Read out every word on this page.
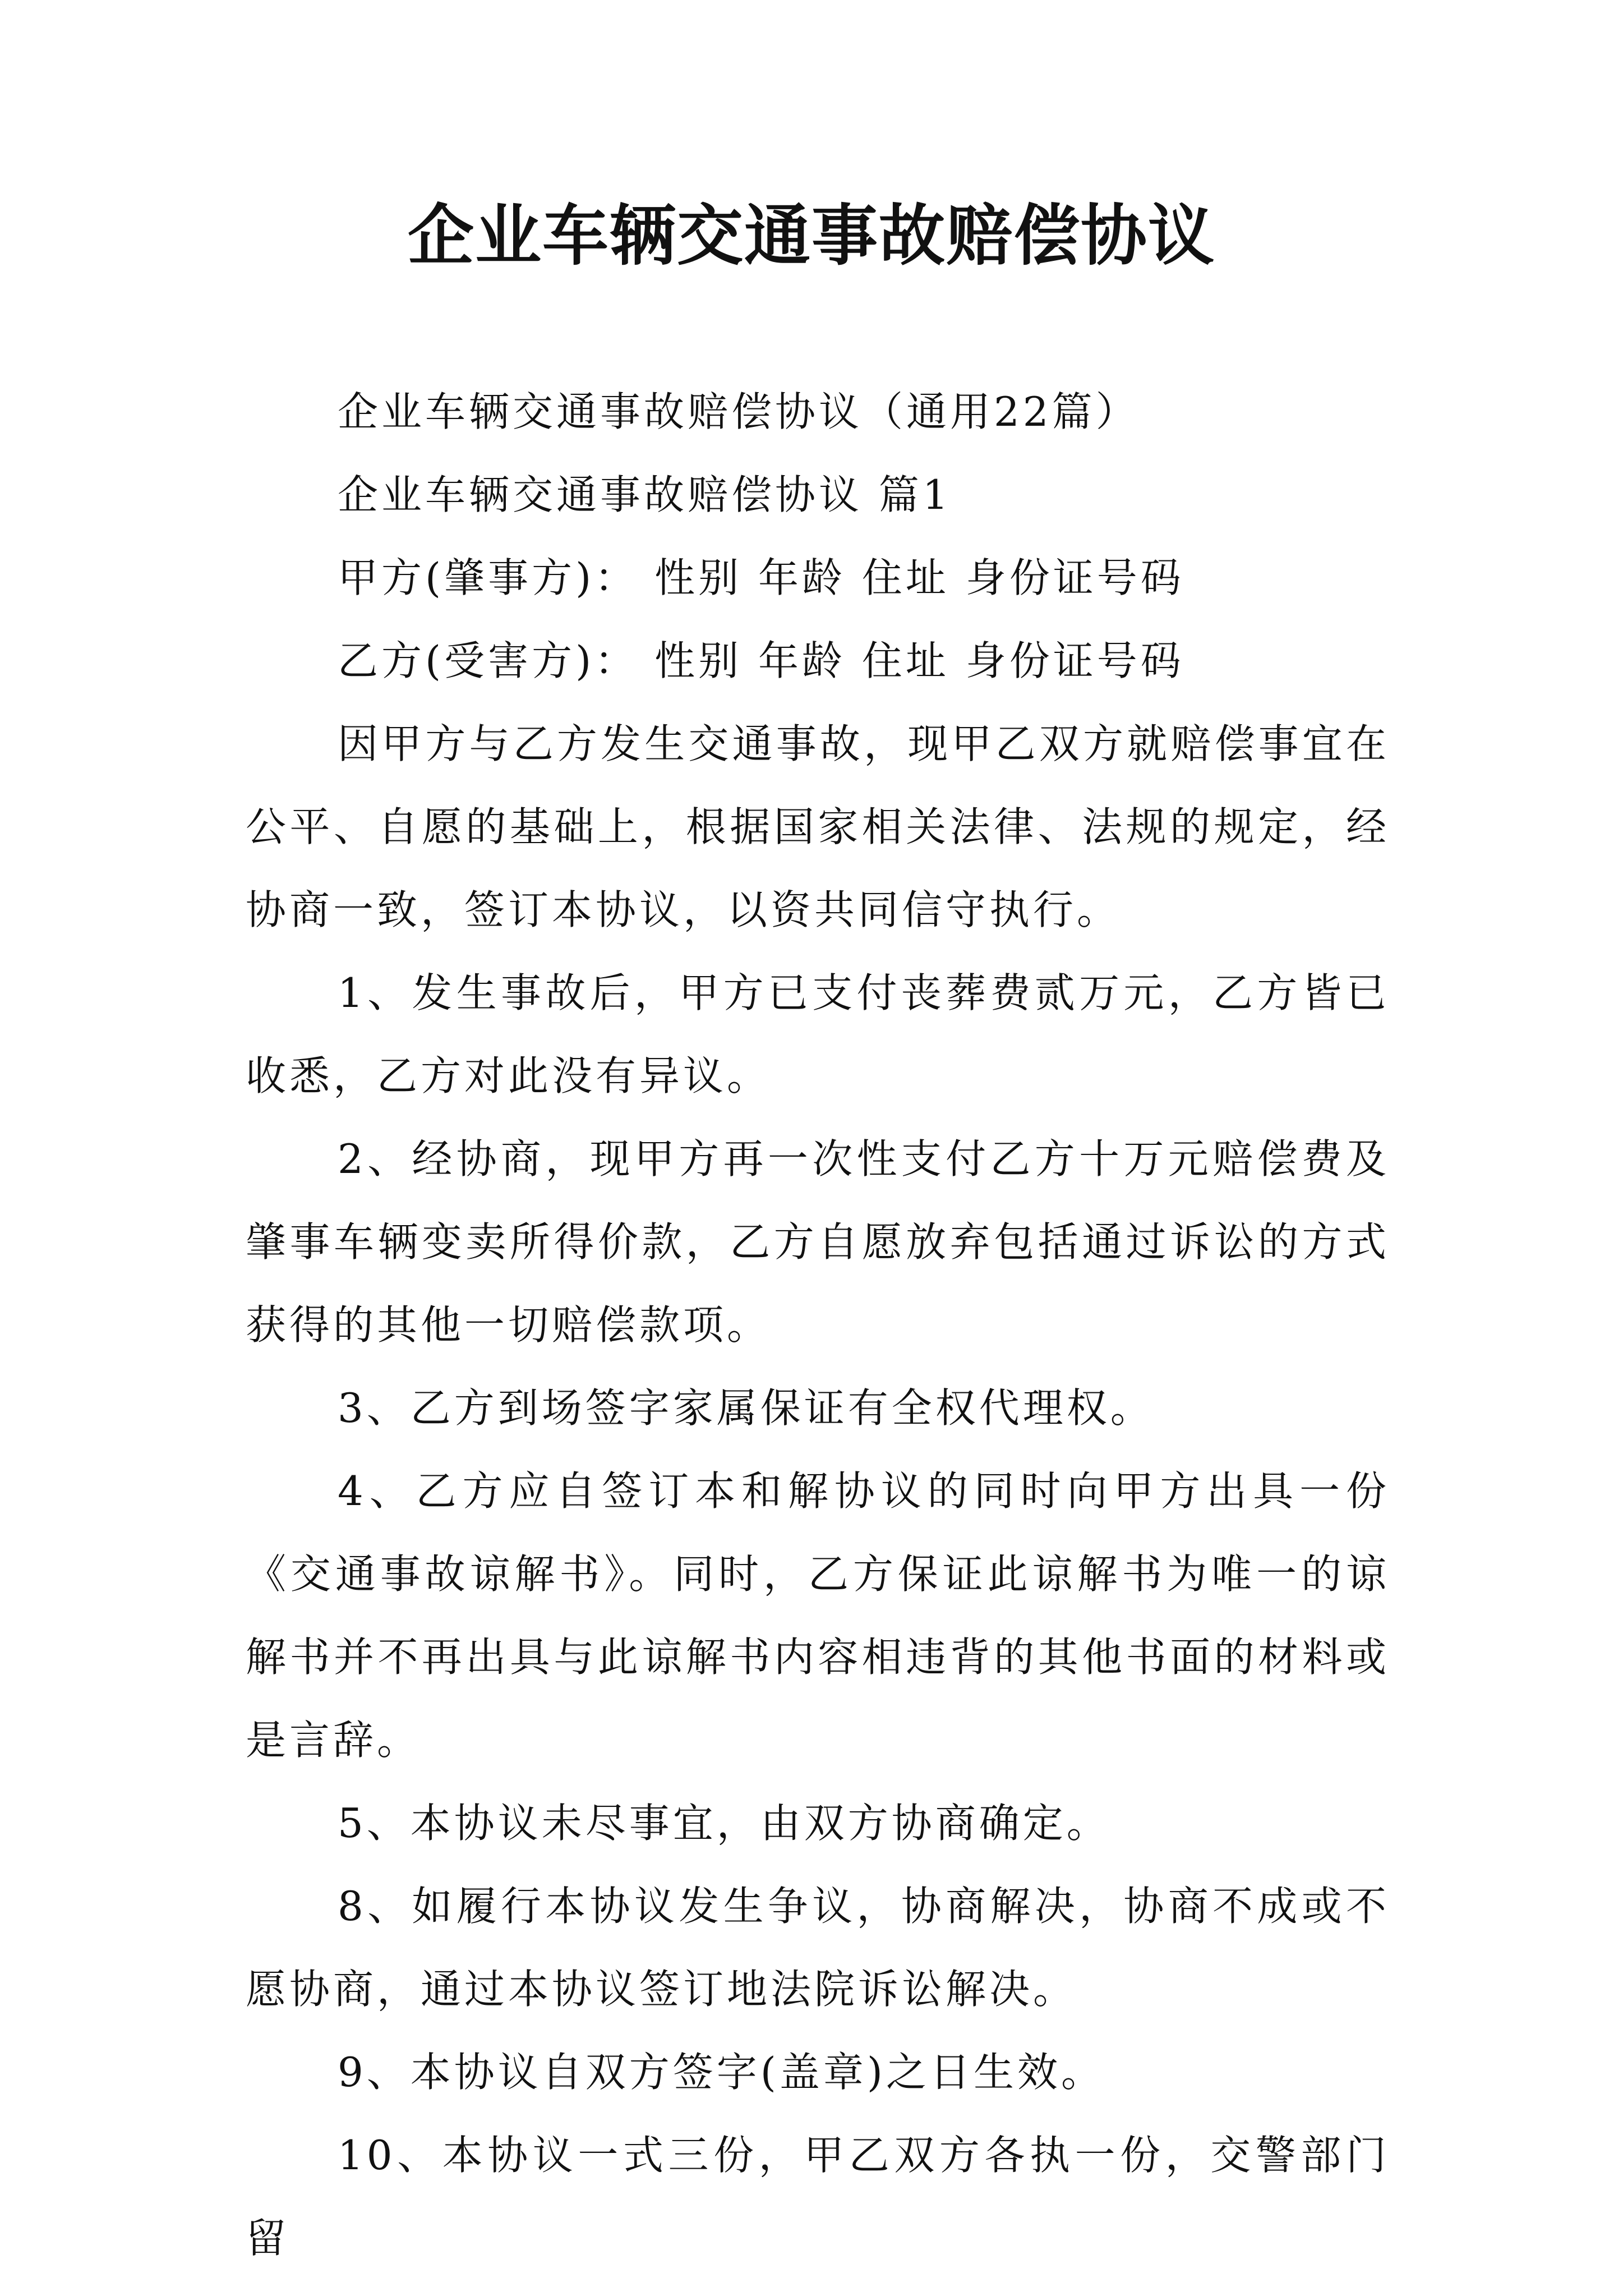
企业车辆交通事故赔偿协议

企业车辆交通事故赔偿协议（通用22篇）

企业车辆交通事故赔偿协议 篇1

甲方(肇事方)： 性别 年龄 住址 身份证号码

乙方(受害方)： 性别 年龄 住址 身份证号码

因甲方与乙方发生交通事故，现甲乙双方就赔偿事宜在公平、自愿的基础上，根据国家相关法律、法规的规定，经协商一致，签订本协议，以资共同信守执行。

1、发生事故后，甲方已支付丧葬费贰万元，乙方皆已收悉，乙方对此没有异议。

2、经协商，现甲方再一次性支付乙方十万元赔偿费及肇事车辆变卖所得价款，乙方自愿放弃包括通过诉讼的方式获得的其他一切赔偿款项。

3、乙方到场签字家属保证有全权代理权。

4、乙方应自签订本和解协议的同时向甲方出具一份《交通事故谅解书》。同时，乙方保证此谅解书为唯一的谅解书并不再出具与此谅解书内容相违背的其他书面的材料或是言辞。

5、本协议未尽事宜，由双方协商确定。

8、如履行本协议发生争议，协商解决，协商不成或不愿协商，通过本协议签订地法院诉讼解决。

9、本协议自双方签字(盖章)之日生效。

10、本协议一式三份，甲乙双方各执一份，交警部门留
